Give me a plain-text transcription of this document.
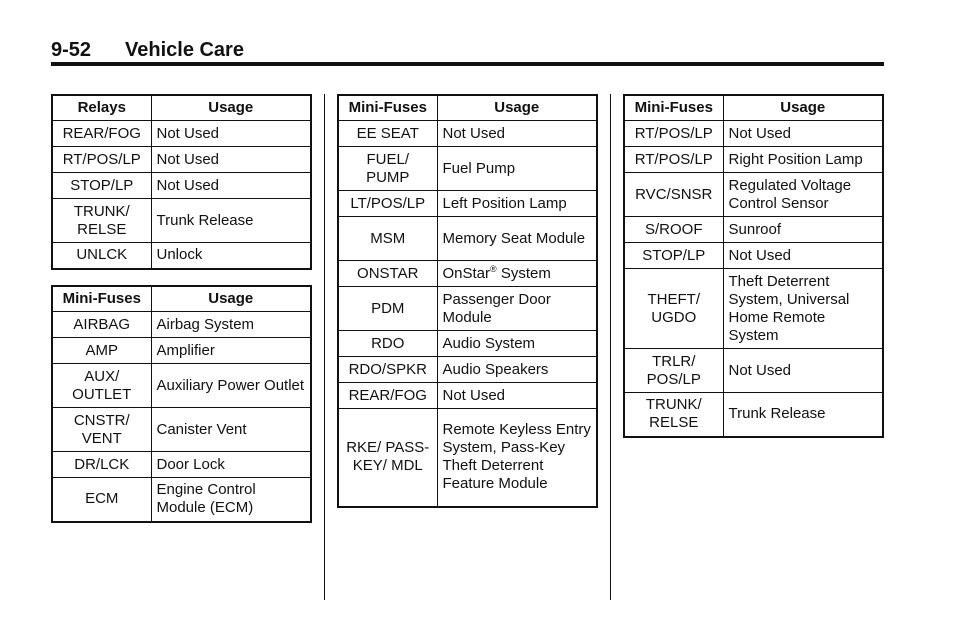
9-52 Vehicle Care
Relays	Usage
REAR/FOG	Not Used
RT/POS/LP	Not Used
STOP/LP	Not Used
TRUNK/ RELSE	Trunk Release
UNLCK	Unlock
Mini-Fuses	Usage
AIRBAG	Airbag System
AMP	Amplifier
AUX/ OUTLET	Auxiliary Power Outlet
CNSTR/ VENT	Canister Vent
DR/LCK	Door Lock
ECM	Engine Control Module (ECM)
Mini-Fuses	Usage
EE SEAT	Not Used
FUEL/ PUMP	Fuel Pump
LT/POS/LP	Left Position Lamp
MSM	Memory Seat Module
ONSTAR	OnStar® System
PDM	Passenger Door Module
RDO	Audio System
RDO/SPKR	Audio Speakers
REAR/FOG	Not Used
RKE/ PASS-KEY/ MDL	Remote Keyless Entry System, Pass-Key Theft Deterrent Feature Module
Mini-Fuses	Usage
RT/POS/LP	Not Used
RT/POS/LP	Right Position Lamp
RVC/SNSR	Regulated Voltage Control Sensor
S/ROOF	Sunroof
STOP/LP	Not Used
THEFT/ UGDO	Theft Deterrent System, Universal Home Remote System
TRLR/ POS/LP	Not Used
TRUNK/ RELSE	Trunk Release
